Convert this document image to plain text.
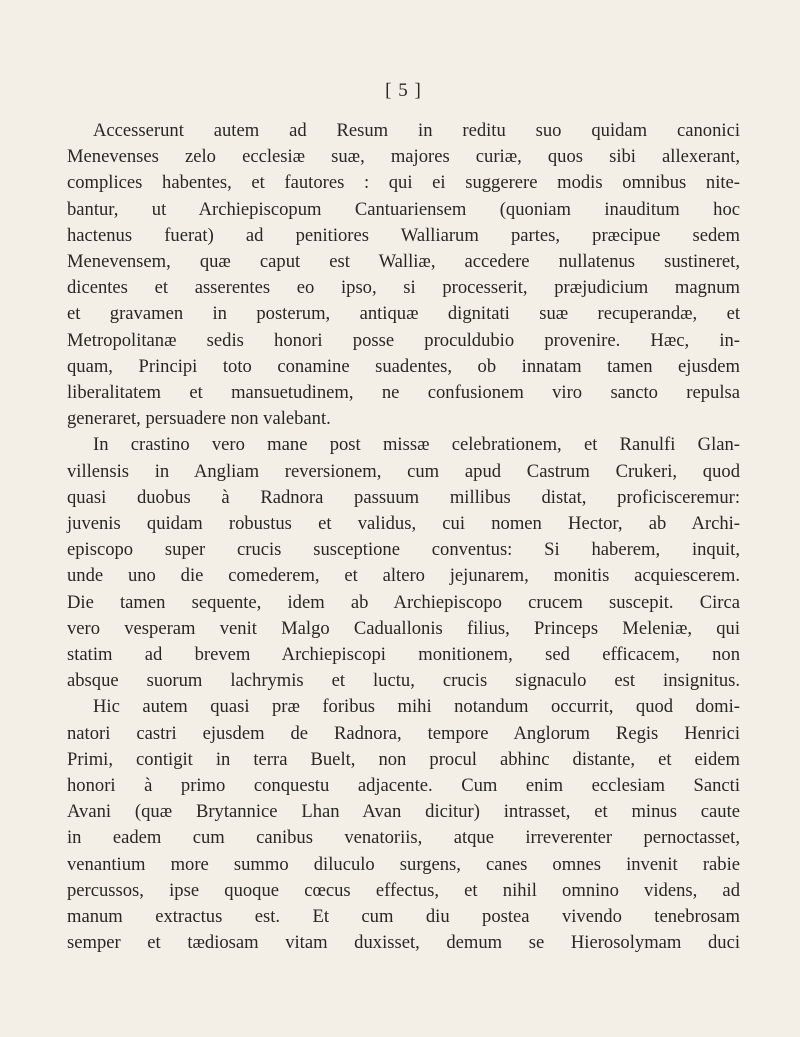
[ 5 ]

Accesserunt autem ad Resum in reditu suo quidam canonici
Menevenses zelo ecclesiæ suæ, majores curiæ, quos sibi allexerant,
complices habentes, et fautores : qui ei suggerere modis omnibus nite-
bantur, ut Archiepiscopum Cantuariensem (quoniam inauditum hoc
hactenus fuerat) ad penitiores Walliarum partes, præcipue sedem
Menevensem, quæ caput est Walliæ, accedere nullatenus sustineret,
dicentes et asserentes eo ipso, si processerit, præjudicium magnum
et gravamen in posterum, antiquæ dignitati suæ recuperandæ, et
Metropolitanæ sedis honori posse proculdubio provenire. Hæc, in-
quam, Principi toto conamine suadentes, ob innatam tamen ejusdem
liberalitatem et mansuetudinem, ne confusionem viro sancto repulsa
generaret, persuadere non valebant.

In crastino vero mane post missæ celebrationem, et Ranulfi Glan-
villensis in Angliam reversionem, cum apud Castrum Crukeri, quod
quasi duobus à Radnora passuum millibus distat, proficisceremur:
juvenis quidam robustus et validus, cui nomen Hector, ab Archi-
episcopo super crucis susceptione conventus: Si haberem, inquit,
unde uno die comederem, et altero jejunarem, monitis acquiescerem.
Die tamen sequente, idem ab Archiepiscopo crucem suscepit. Circa
vero vesperam venit Malgo Caduallonis filius, Princeps Meleniæ, qui
statim ad brevem Archiepiscopi monitionem, sed efficacem, non
absque suorum lachrymis et luctu, crucis signaculo est insignitus.

Hic autem quasi præ foribus mihi notandum occurrit, quod domi-
natori castri ejusdem de Radnora, tempore Anglorum Regis Henrici
Primi, contigit in terra Buelt, non procul abhinc distante, et eidem
honori à primo conquestu adjacente. Cum enim ecclesiam Sancti
Avani (quæ Brytannice Lhan Avan dicitur) intrasset, et minus caute
in eadem cum canibus venatoriis, atque irreverenter pernoctasset,
venantium more summo diluculo surgens, canes omnes invenit rabie
percussos, ipse quoque cœcus effectus, et nihil omnino videns, ad
manum extractus est. Et cum diu postea vivendo tenebrosam
semper et tædiosam vitam duxisset, demum se Hierosolymam duci
